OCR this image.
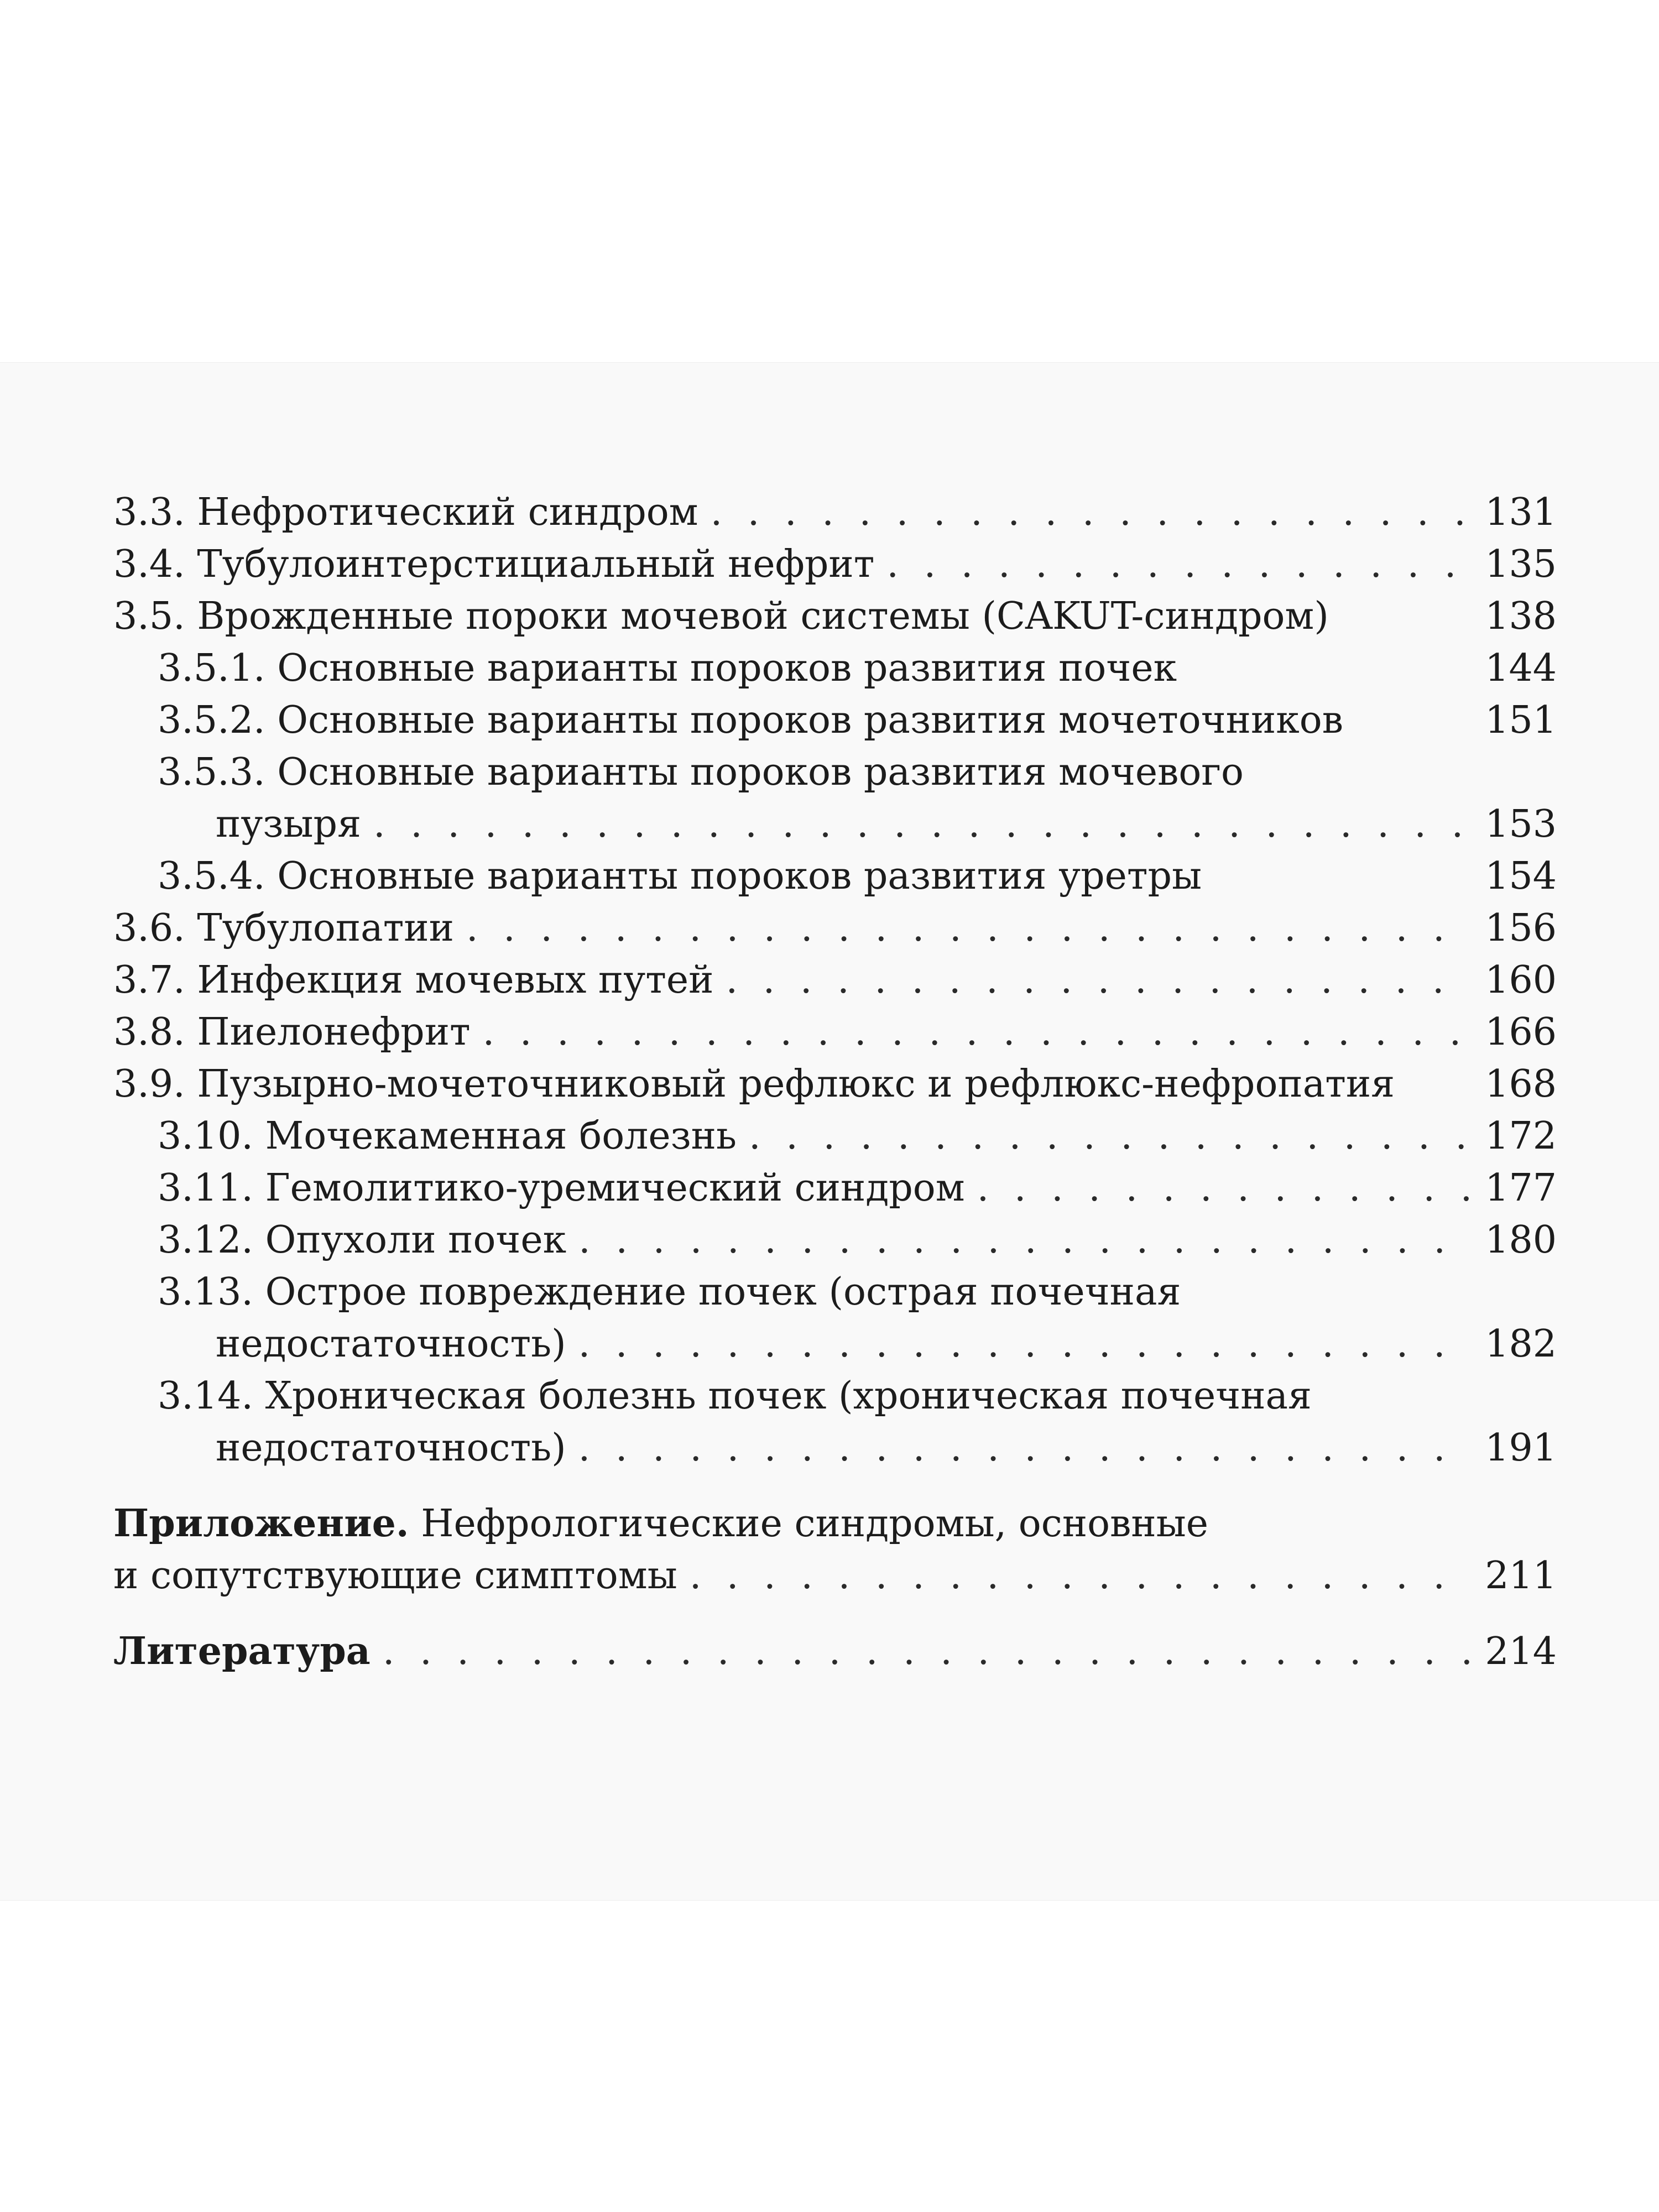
3.3. Нефротический синдром . . .	131
3.4. Тубулоинтерстициальный нефрит . . .	135
3.5. Врожденные пороки мочевой системы (CAKUT-синдром)	138
3.5.1. Основные варианты пороков развития почек	144
3.5.2. Основные варианты пороков развития мочеточников	151
3.5.3. Основные варианты пороков развития мочевого
пузыря . . .	153
3.5.4. Основные варианты пороков развития уретры	154
3.6. Тубулопатии . . .	156
3.7. Инфекция мочевых путей . . .	160
3.8. Пиелонефрит . . .	166
3.9. Пузырно-мочеточниковый рефлюкс и рефлюкс-нефропатия 168
3.10. Мочекаменная болезнь . . .	172
3.11. Гемолитико-уремический синдром . . .	177
3.12. Опухоли почек . . .	180
3.13. Острое повреждение почек (острая почечная
недостаточность) . . .	182
3.14. Хроническая болезнь почек (хроническая почечная
недостаточность) . . .	191
Приложение. Нефрологические синдромы, основные
и сопутствующие симптомы . . .	211
Литература . . .	214
